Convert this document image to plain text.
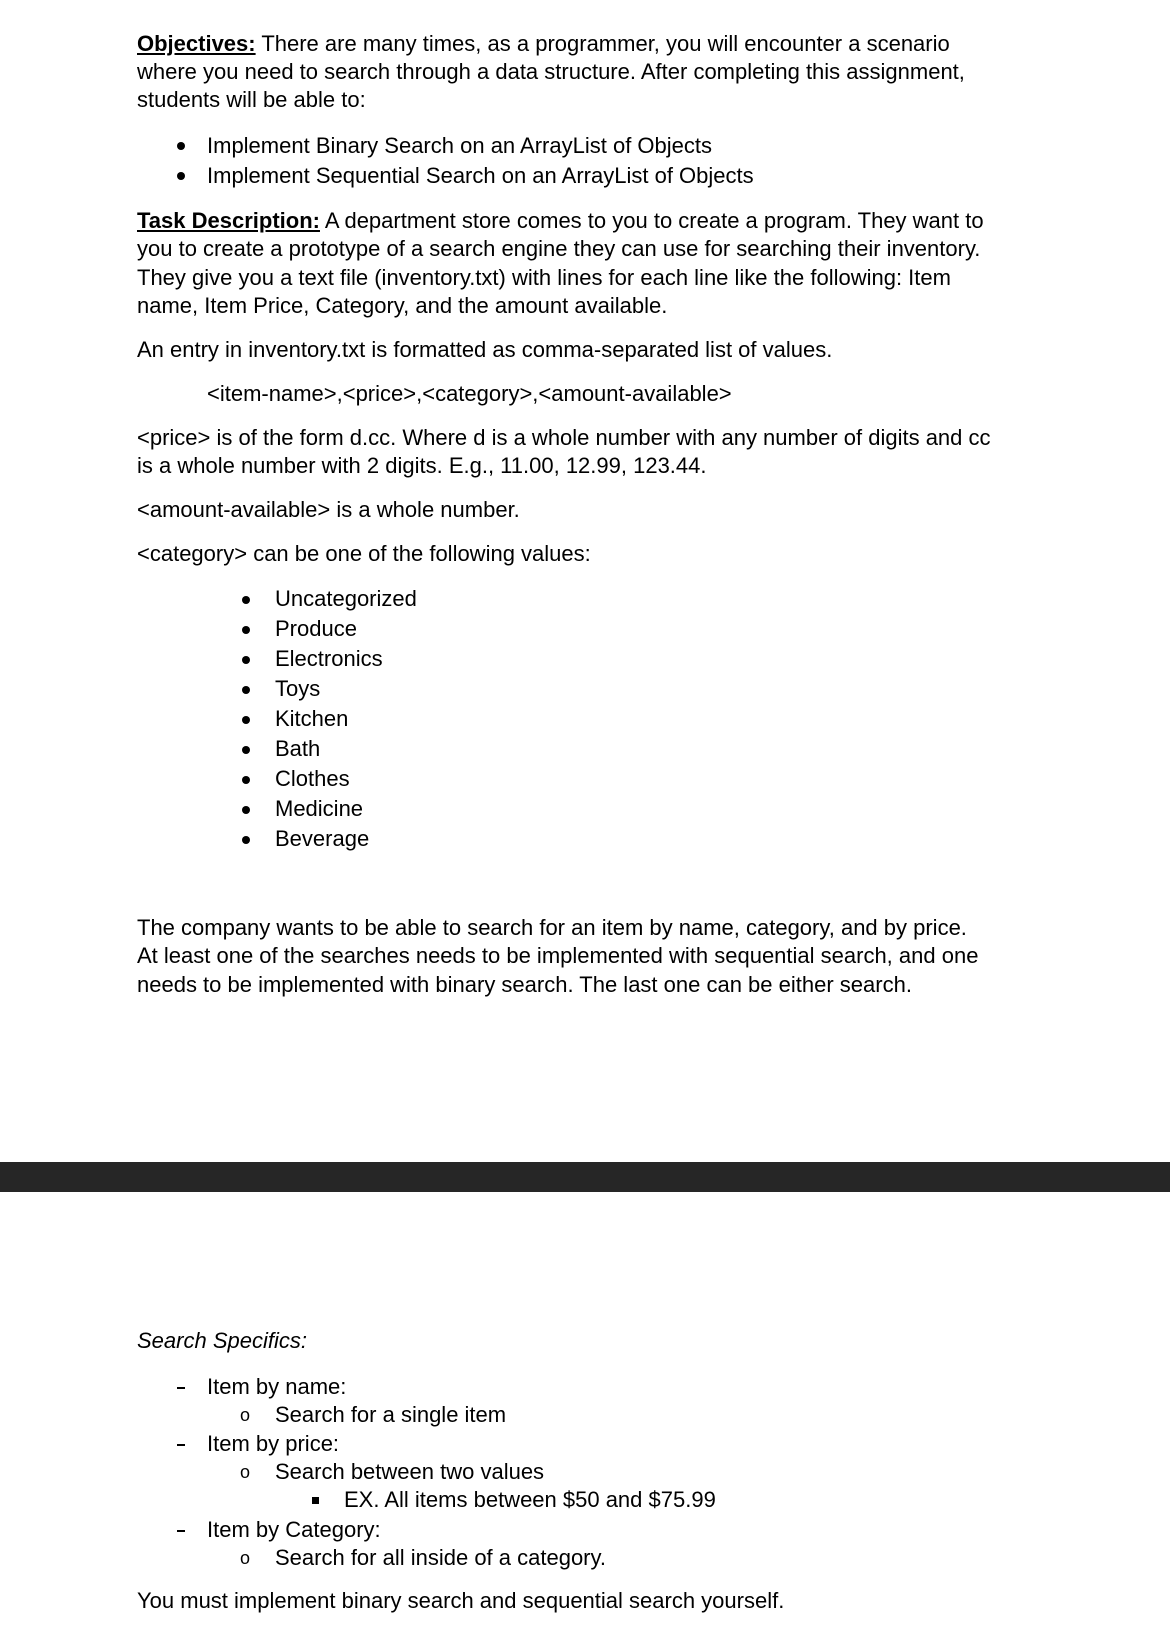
Objectives: There are many times, as a programmer, you will encounter a scenario

where you need to search through a data structure. After completing this assignment,

students will be able to:

Implement Binary Search on an ArrayList of Objects

Implement Sequential Search on an ArrayList of Objects

Task Description: A department store comes to you to create a program. They want to

you to create a prototype of a search engine they can use for searching their inventory.

They give you a text file (inventory.txt) with lines for each line like the following: Item

name, Item Price, Category, and the amount available.

An entry in inventory.txt is formatted as comma-separated list of values.

<item-name>,<price>,<category>,<amount-available>

<price> is of the form d.cc. Where d is a whole number with any number of digits and cc

is a whole number with 2 digits. E.g., 11.00, 12.99, 123.44.

<amount-available> is a whole number.

<category> can be one of the following values:

Uncategorized

Produce

Electronics

Toys

Kitchen

Bath

Clothes

Medicine

Beverage

The company wants to be able to search for an item by name, category, and by price.

At least one of the searches needs to be implemented with sequential search, and one

needs to be implemented with binary search. The last one can be either search.

Search Specifics:

Item by name:

o Search for a single item

Item by price:

o Search between two values

EX. All items between $50 and $75.99

Item by Category:

o Search for all inside of a category.

You must implement binary search and sequential search yourself.
